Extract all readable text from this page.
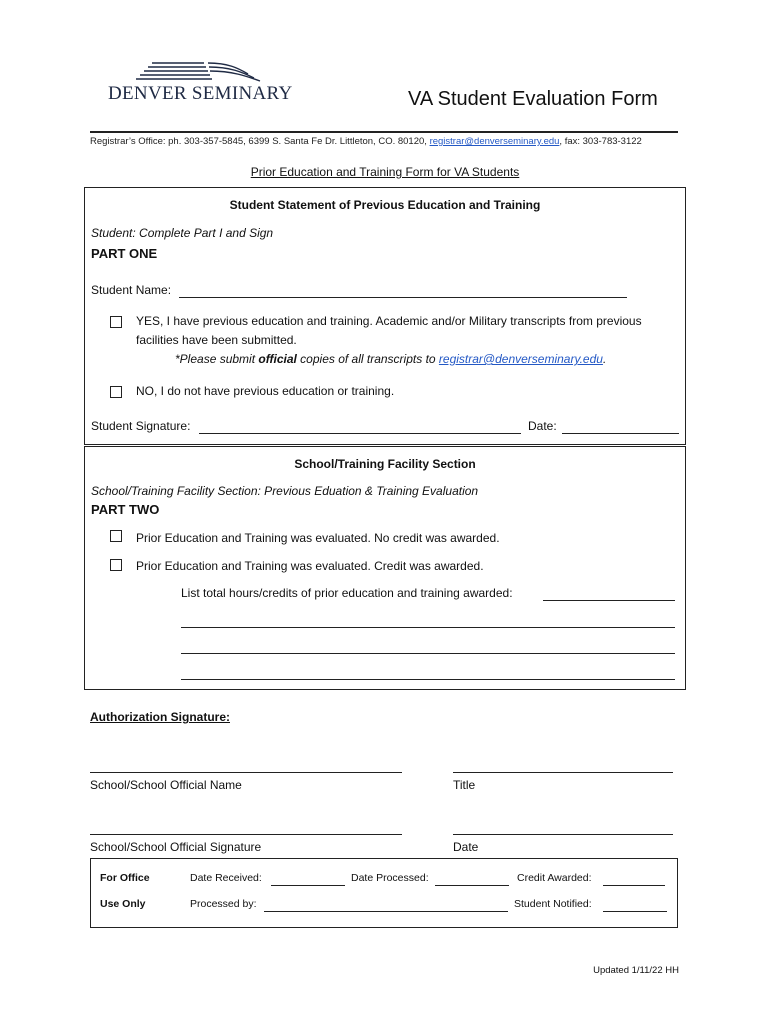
DENVER SEMINARY	VA Student Evaluation Form
Registrar’s Office: ph. 303-357-5845, 6399 S. Santa Fe Dr. Littleton, CO. 80120, registrar@denverseminary.edu, fax: 303-783-3122
Prior Education and Training Form for VA Students
Student Statement of Previous Education and Training
Student: Complete Part I and Sign
PART ONE
Student Name:
YES, I have previous education and training. Academic and/or Military transcripts from previous
facilities have been submitted.
*Please submit official copies of all transcripts to registrar@denverseminary.edu.
NO, I do not have previous education or training.
Student Signature:	Date:
School/Training Facility Section
School/Training Facility Section: Previous Eduation & Training Evaluation
PART TWO
Prior Education and Training was evaluated. No credit was awarded.
Prior Education and Training was evaluated. Credit was awarded.
List total hours/credits of prior education and training awarded:
Authorization Signature:
School/School Official Name	Title
School/School Official Signature	Date
For Office
Use Only
Date Received:	Date Processed:	Credit Awarded:
Processed by:	Student Notified:
Updated 1/11/22 HH
